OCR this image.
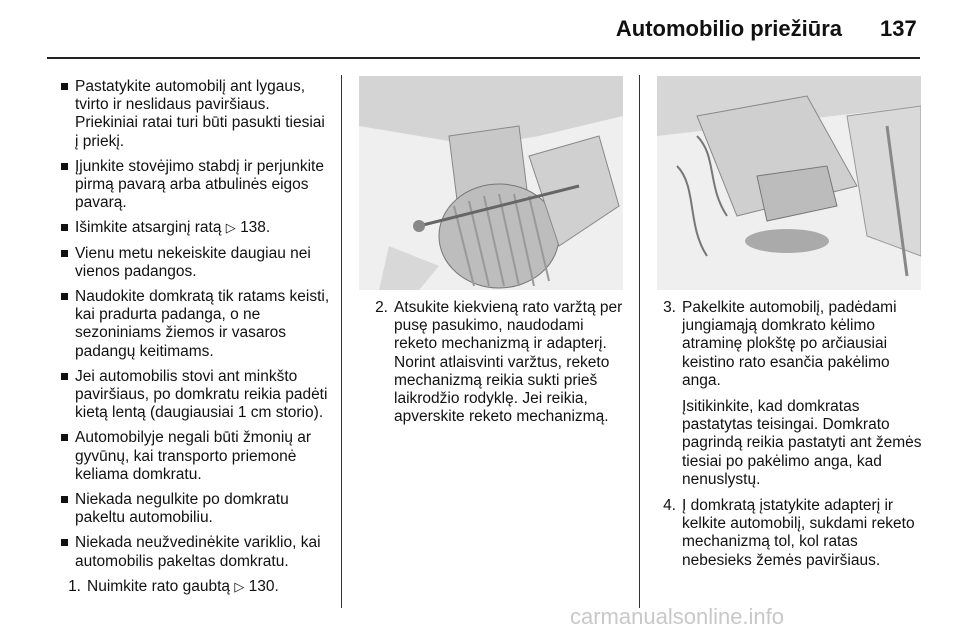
Automobilio priežiūra 137
Pastatykite automobilį ant lygaus, tvirto ir neslidaus paviršiaus. Priekiniai ratai turi būti pasukti tiesiai į priekį.
Įjunkite stovėjimo stabdį ir perjunkite pirmą pavarą arba atbulinės eigos pavarą.
Išimkite atsarginį ratą ▷ 138.
Vienu metu nekeiskite daugiau nei vienos padangos.
Naudokite domkratą tik ratams keisti, kai pradurta padanga, o ne sezoniniams žiemos ir vasaros padangų keitimams.
Jei automobilis stovi ant minkšto paviršiaus, po domkratu reikia padėti kietą lentą (daugiausiai 1 cm storio).
Automobilyje negali būti žmonių ar gyvūnų, kai transporto priemonė keliama domkratu.
Niekada negulkite po domkratu pakeltu automobiliu.
Niekada neužvedinėkite variklio, kai automobilis pakeltas domkratu.
1. Nuimkite rato gaubtą ▷ 130.
2. Atsukite kiekvieną rato varžtą per pusę pasukimo, naudodami reketo mechanizmą ir adapterį. Norint atlaisvinti varžtus, reketo mechanizmą reikia sukti prieš laikrodžio rodyklę. Jei reikia, apverskite reketo mechanizmą.
3. Pakelkite automobilį, padėdami jungiamąją domkrato kėlimo atraminę plokštę po arčiausiai keistino rato esančia pakėlimo anga.

Įsitikinkite, kad domkratas pastatytas teisingai. Domkrato pagrindą reikia pastatyti ant žemės tiesiai po pakėlimo anga, kad nenuslystų.

4. Į domkratą įstatykite adapterį ir kelkite automobilį, sukdami reketo mechanizmą tol, kol ratas nebesieks žemės paviršiaus.
carmanualsonline.info
